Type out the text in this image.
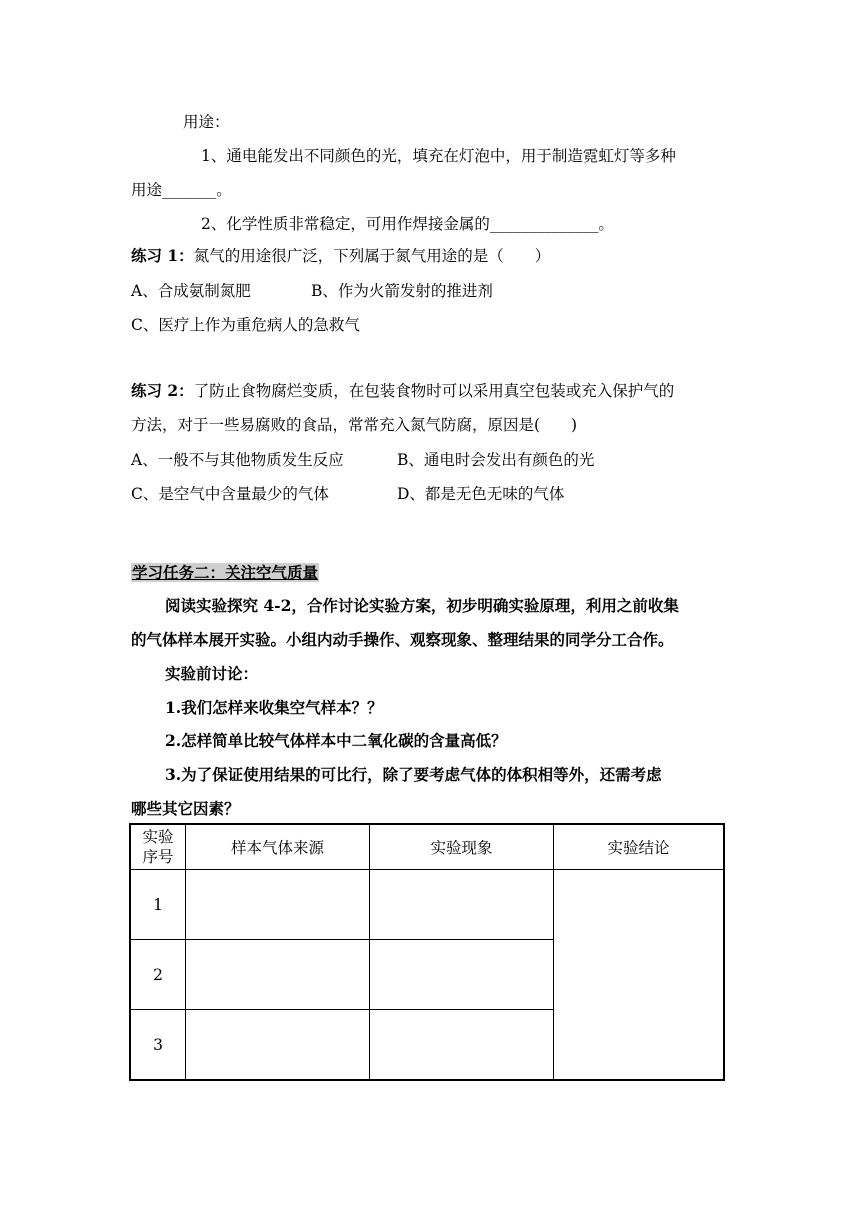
用途：
1、通电能发出不同颜色的光，填充在灯泡中，用于制造霓虹灯等多种
用途_______。
2、化学性质非常稳定，可用作焊接金属的______________。
练习 1：氮气的用途很广泛，下列属于氮气用途的是（　　）
A、合成氨制氮肥	B、作为火箭发射的推进剂
C、医疗上作为重危病人的急救气
练习 2：了防止食物腐烂变质，在包装食物时可以采用真空包装或充入保护气的
方法，对于一些易腐败的食品，常常充入氮气防腐，原因是(　　)
A、一般不与其他物质发生反应	B、通电时会发出有颜色的光
C、是空气中含量最少的气体	D、都是无色无味的气体
学习任务二：关注空气质量
阅读实验探究 4-2，合作讨论实验方案，初步明确实验原理，利用之前收集
的气体样本展开实验。小组内动手操作、观察现象、整理结果的同学分工合作。
实验前讨论：
1.我们怎样来收集空气样本？？
2.怎样简单比较气体样本中二氧化碳的含量高低？
3.为了保证使用结果的可比行，除了要考虑气体的体积相等外，还需考虑
哪些其它因素？
实验
序号	样本气体来源	实验现象	实验结论
1			
2			
3			
